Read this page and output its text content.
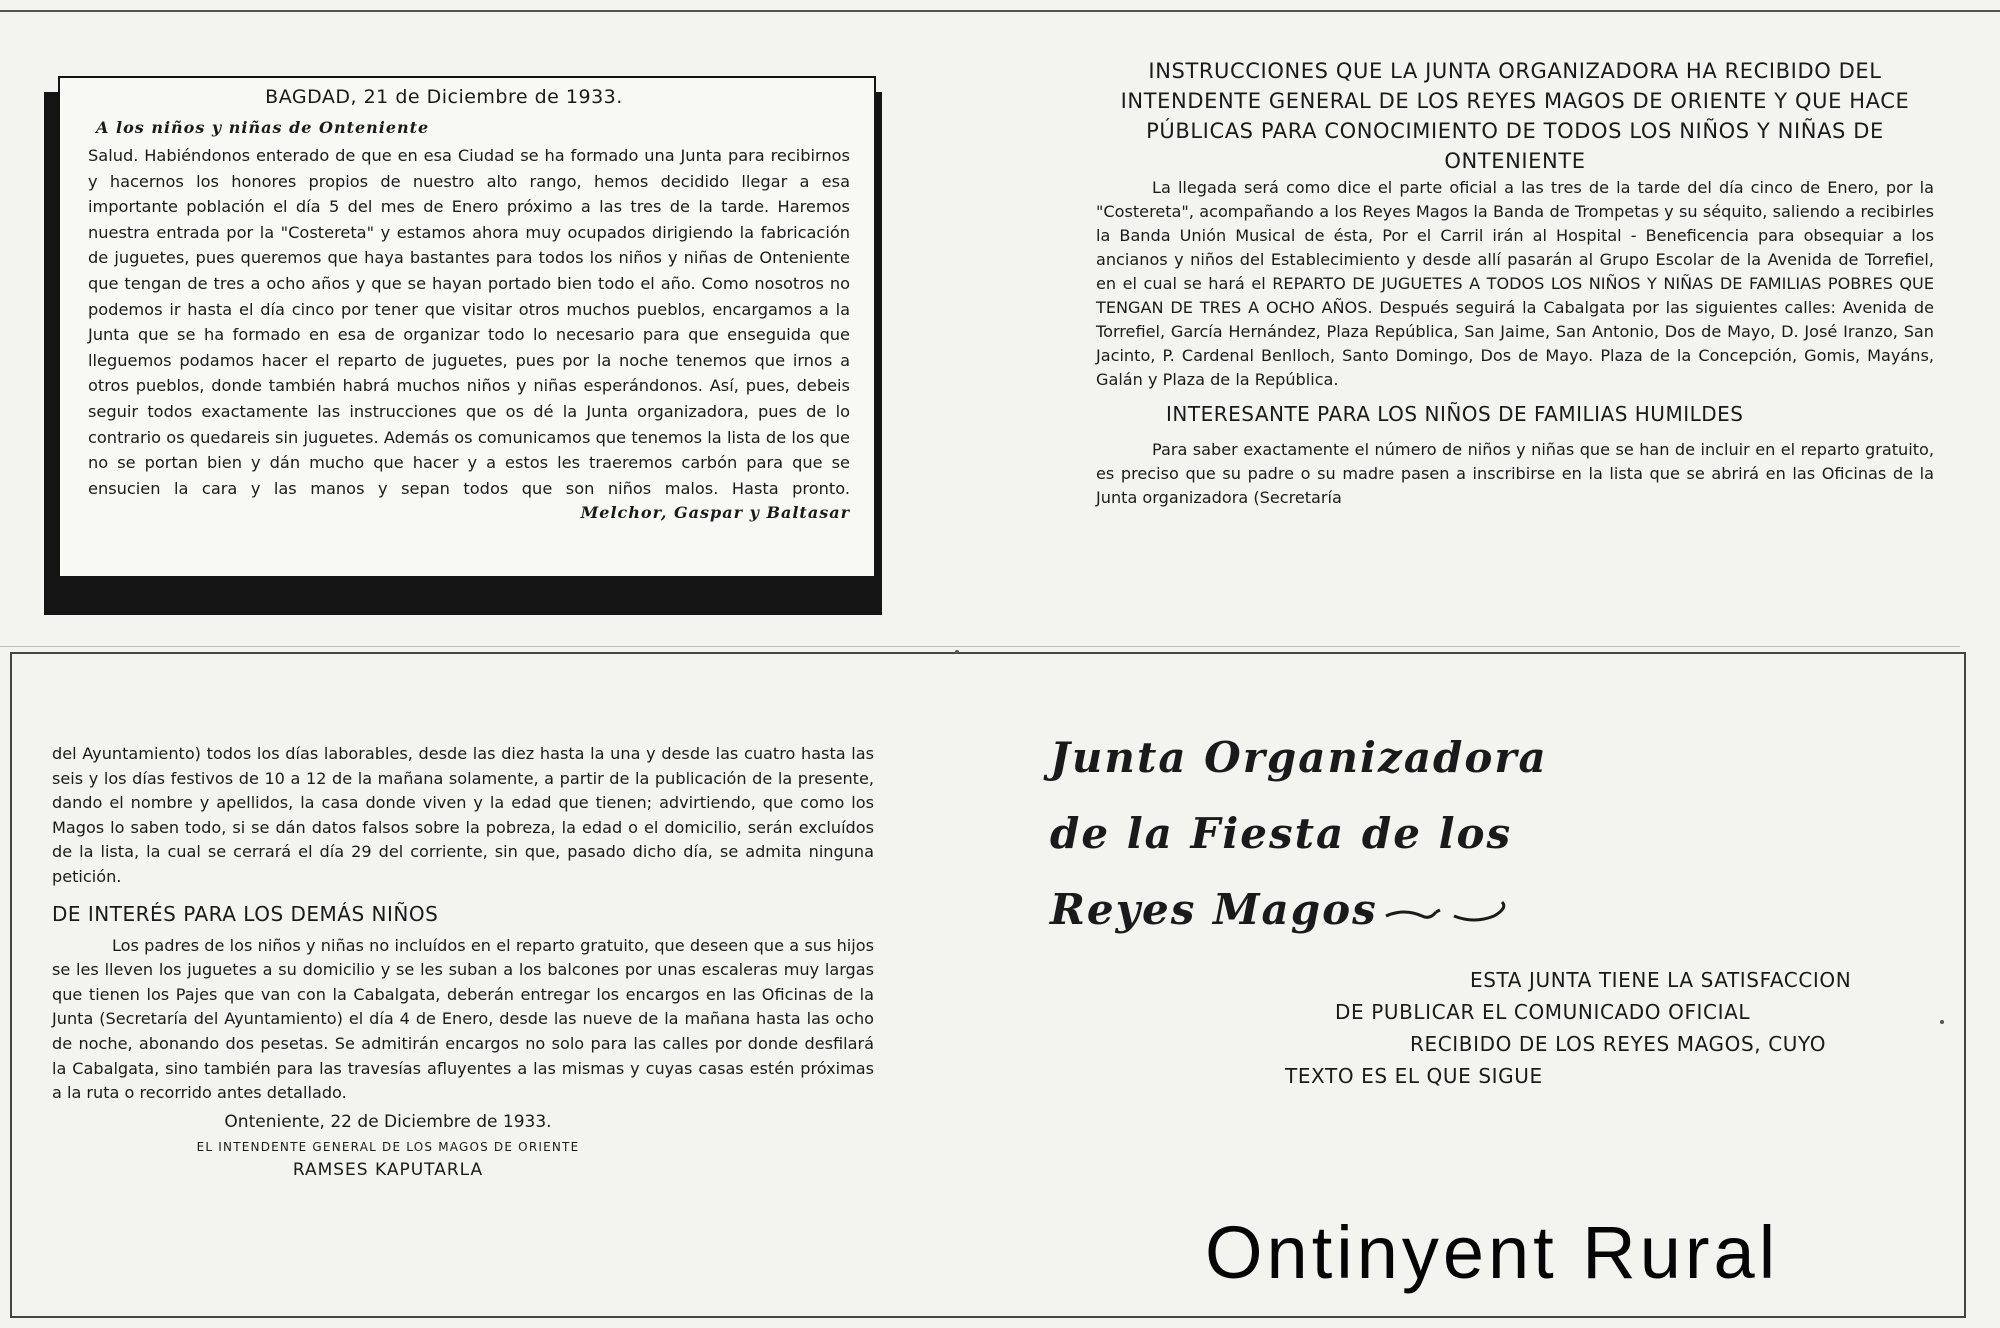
BAGDAD, 21 de Diciembre de 1933.
A los niños y niñas de Onteniente

Salud. Habiéndonos enterado de que en esa Ciudad se ha formado una Junta para recibirnos y hacernos los honores propios de nuestro alto rango, hemos decidido llegar a esa importante población el día 5 del mes de Enero próximo a las tres de la tarde. Haremos nuestra entrada por la "Costereta" y estamos ahora muy ocupados dirigiendo la fabricación de juguetes, pues queremos que haya bastantes para todos los niños y niñas de Onteniente que tengan de tres a ocho años y que se hayan portado bien todo el año. Como nosotros no podemos ir hasta el día cinco por tener que visitar otros muchos pueblos, encargamos a la Junta que se ha formado en esa de organizar todo lo necesario para que enseguida que lleguemos podamos hacer el reparto de juguetes, pues por la noche tenemos que irnos a otros pueblos, donde también habrá muchos niños y niñas esperándonos. Así, pues, debeis seguir todos exactamente las instrucciones que os dé la Junta organizadora, pues de lo contrario os quedareis sin juguetes. Además os comunicamos que tenemos la lista de los que no se portan bien y dán mucho que hacer y a estos les traeremos carbón para que se ensucien la cara y las manos y sepan todos que son niños malos. Hasta pronto.

Melchor, Gaspar y Baltasar

INSTRUCCIONES QUE LA JUNTA ORGANIZADORA HA RECIBIDO DEL INTENDENTE GENERAL DE LOS REYES MAGOS DE ORIENTE Y QUE HACE PÚBLICAS PARA CONOCIMIENTO DE TODOS LOS NIÑOS Y NIÑAS DE ONTENIENTE

La llegada será como dice el parte oficial a las tres de la tarde del día cinco de Enero, por la "Costereta", acompañando a los Reyes Magos la Banda de Trompetas y su séquito, saliendo a recibirles la Banda Unión Musical de ésta, Por el Carril irán al Hospital - Beneficencia para obsequiar a los ancianos y niños del Establecimiento y desde allí pasarán al Grupo Escolar de la Avenida de Torrefiel, en el cual se hará el REPARTO DE JUGUETES A TODOS LOS NIÑOS Y NIÑAS DE FAMILIAS POBRES QUE TENGAN DE TRES A OCHO AÑOS. Después seguirá la Cabalgata por las siguientes calles: Avenida de Torrefiel, García Hernández, Plaza República, San Jaime, San Antonio, Dos de Mayo, D. José Iranzo, San Jacinto, P. Cardenal Benlloch, Santo Domingo, Dos de Mayo. Plaza de la Concepción, Gomis, Mayáns, Galán y Plaza de la República.

INTERESANTE PARA LOS NIÑOS DE FAMILIAS HUMILDES

Para saber exactamente el número de niños y niñas que se han de incluir en el reparto gratuito, es preciso que su padre o su madre pasen a inscribirse en la lista que se abrirá en las Oficinas de la Junta organizadora (Secretaría

del Ayuntamiento) todos los días laborables, desde las diez hasta la una y desde las cuatro hasta las seis y los días festivos de 10 a 12 de la mañana solamente, a partir de la publicación de la presente, dando el nombre y apellidos, la casa donde viven y la edad que tienen; advirtiendo, que como los Magos lo saben todo, si se dán datos falsos sobre la pobreza, la edad o el domicilio, serán excluídos de la lista, la cual se cerrará el día 29 del corriente, sin que, pasado dicho día, se admita ninguna petición.

DE INTERÉS PARA LOS DEMÁS NIÑOS

Los padres de los niños y niñas no incluídos en el reparto gratuito, que deseen que a sus hijos se les lleven los juguetes a su domicilio y se les suban a los balcones por unas escaleras muy largas que tienen los Pajes que van con la Cabalgata, deberán entregar los encargos en las Oficinas de la Junta (Secretaría del Ayuntamiento) el día 4 de Enero, desde las nueve de la mañana hasta las ocho de noche, abonando dos pesetas. Se admitirán encargos no solo para las calles por donde desfilará la Cabalgata, sino también para las travesías afluyentes a las mismas y cuyas casas estén próximas a la ruta o recorrido antes detallado.

Onteniente, 22 de Diciembre de 1933.
EL INTENDENTE GENERAL DE LOS MAGOS DE ORIENTE
RAMSES KAPUTARLA
Junta Organizadora
de la Fiesta de los
Reyes Magos
ESTA JUNTA TIENE LA SATISFACCION
DE PUBLICAR EL COMUNICADO OFICIAL
RECIBIDO DE LOS REYES MAGOS, CUYO
TEXTO ES EL QUE SIGUE
Ontinyent Rural
